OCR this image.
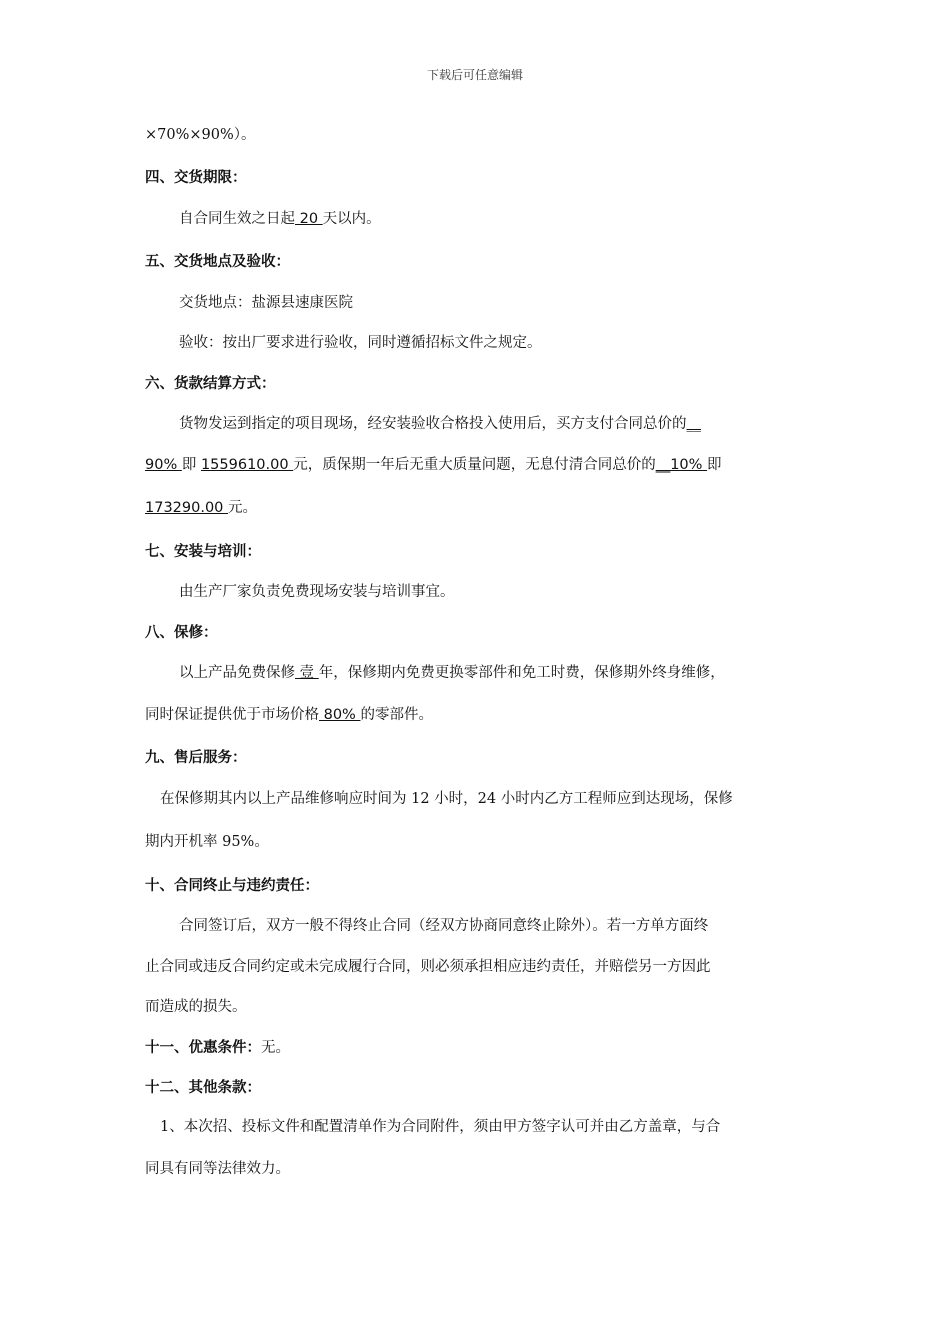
下载后可任意编辑
×70%×90%）。
四、交货期限：
自合同生效之日起 20 天以内。
五、交货地点及验收：
交货地点：盐源县速康医院
验收：按出厂要求进行验收，同时遵循招标文件之规定。
六、货款结算方式：
货物发运到指定的项目现场，经安装验收合格投入使用后，买方支付合同总价的__
90% 即 1559610.00 元，质保期一年后无重大质量问题，无息付清合同总价的__10% 即
173290.00 元。
七、安装与培训：
由生产厂家负责免费现场安装与培训事宜。
八、保修：
以上产品免费保修 壹 年，保修期内免费更换零部件和免工时费，保修期外终身维修，
同时保证提供优于市场价格 80% 的零部件。
九、售后服务：
在保修期其内以上产品维修响应时间为 12 小时，24 小时内乙方工程师应到达现场，保修
期内开机率 95%。
十、合同终止与违约责任：
合同签订后，双方一般不得终止合同（经双方协商同意终止除外）。若一方单方面终
止合同或违反合同约定或未完成履行合同，则必须承担相应违约责任，并赔偿另一方因此
而造成的损失。
十一、优惠条件：无。
十二、其他条款：
1、本次招、投标文件和配置清单作为合同附件，须由甲方签字认可并由乙方盖章，与合
同具有同等法律效力。
